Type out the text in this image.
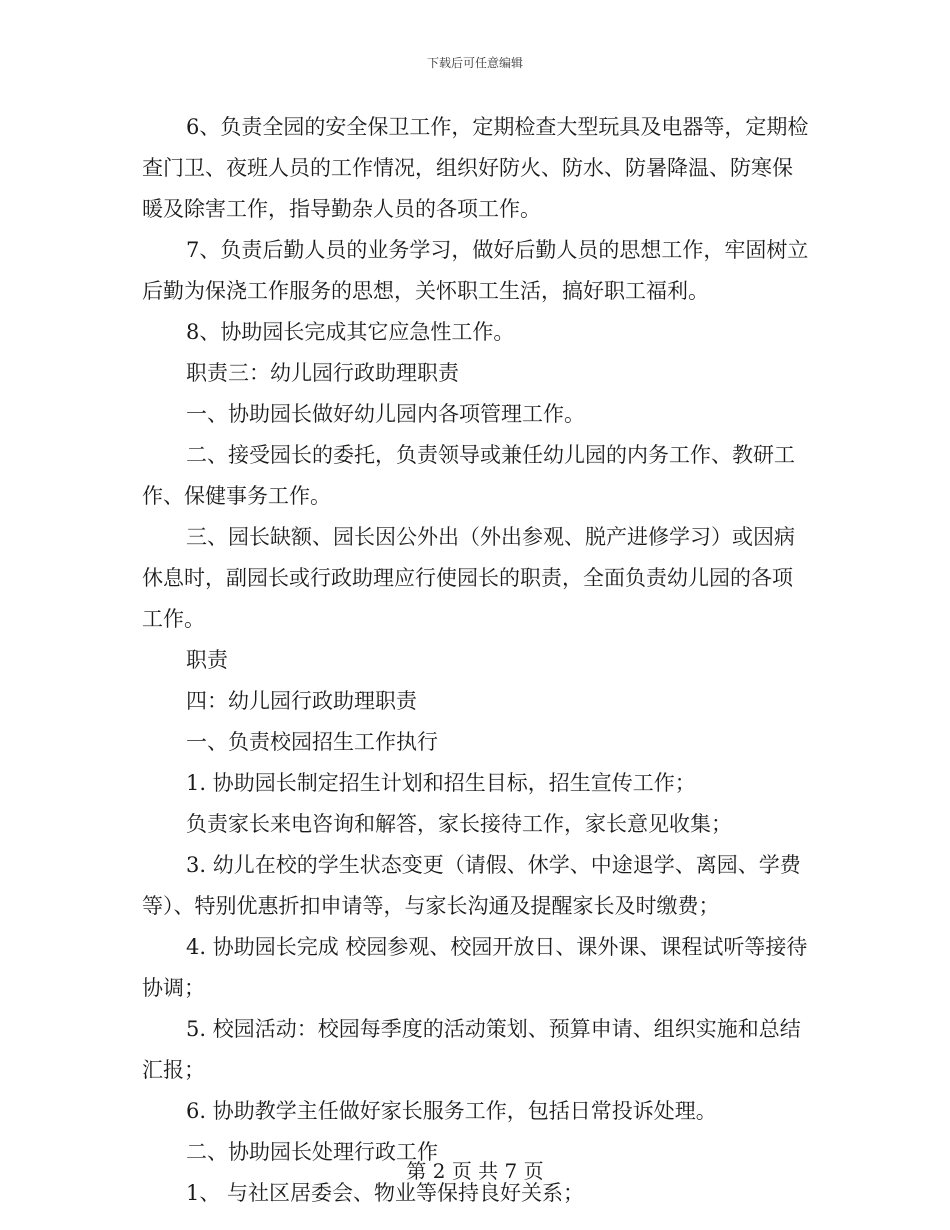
下载后可任意编辑

6、负责全园的安全保卫工作，定期检查大型玩具及电器等，定期检查门卫、夜班人员的工作情况，组织好防火、防水、防暑降温、防寒保暖及除害工作，指导勤杂人员的各项工作。

7、负责后勤人员的业务学习，做好后勤人员的思想工作，牢固树立后勤为保浇工作服务的思想，关怀职工生活，搞好职工福利。

8、协助园长完成其它应急性工作。

职责三：幼儿园行政助理职责

一、协助园长做好幼儿园内各项管理工作。

二、接受园长的委托，负责领导或兼任幼儿园的内务工作、教研工作、保健事务工作。

三、园长缺额、园长因公外出（外出参观、脱产进修学习）或因病休息时，副园长或行政助理应行使园长的职责，全面负责幼儿园的各项工作。

职责

四：幼儿园行政助理职责

一、负责校园招生工作执行

1. 协助园长制定招生计划和招生目标，招生宣传工作；

负责家长来电咨询和解答，家长接待工作，家长意见收集；

3. 幼儿在校的学生状态变更（请假、休学、中途退学、离园、学费等）、特别优惠折扣申请等，与家长沟通及提醒家长及时缴费；

4. 协助园长完成 校园参观、校园开放日、课外课、课程试听等接待协调；

5. 校园活动：校园每季度的活动策划、预算申请、组织实施和总结汇报；

6. 协助教学主任做好家长服务工作，包括日常投诉处理。

二、协助园长处理行政工作

1、 与社区居委会、物业等保持良好关系；

第 2 页 共 7 页
